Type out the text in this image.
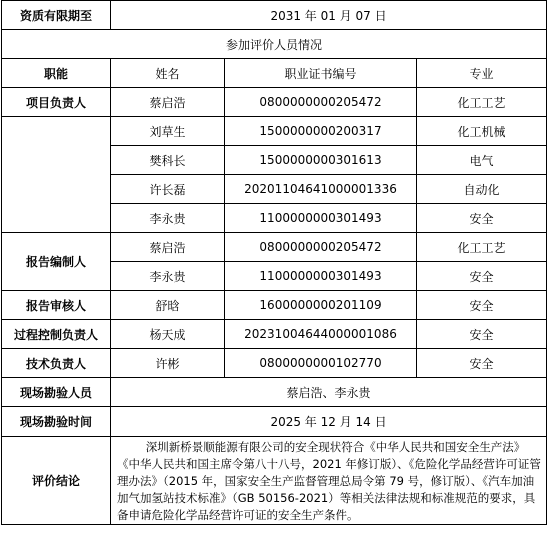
资质有限期至	2031 年 01 月 07 日		
参加评价人员情况			
职能	姓名	职业证书编号	专业
项目负责人	蔡启浩	0800000000205472	化工工艺
	刘草生	1500000000200317	化工机械
	樊科长	1500000000301613	电气
	许长磊	20201104641000001336	自动化
	李永贵	1100000000301493	安全
报告编制人	蔡启浩	0800000000205472	化工工艺
	李永贵	1100000000301493	安全
报告审核人	舒晗	1600000000201109	安全
过程控制负责人	杨天成	20231004644000001086	安全
技术负责人	许彬	0800000000102770	安全
现场勘验人员	蔡启浩、李永贵		
现场勘验时间	2025 年 12 月 14 日		
评价结论	深圳新桥景顺能源有限公司的安全现状符合《中华人民共和国安全生产法》《中华人民共和国主席令第八十八号，2021 年修订版）、《危险化学品经营许可证管理办法》（2015 年，国家安全生产监督管理总局令第 79 号，修订版）、《汽车加油加气加氢站技术标准》（GB 50156-2021）等相关法律法规和标准规范的要求，具备申请危险化学品经营许可证的安全生产条件。		
